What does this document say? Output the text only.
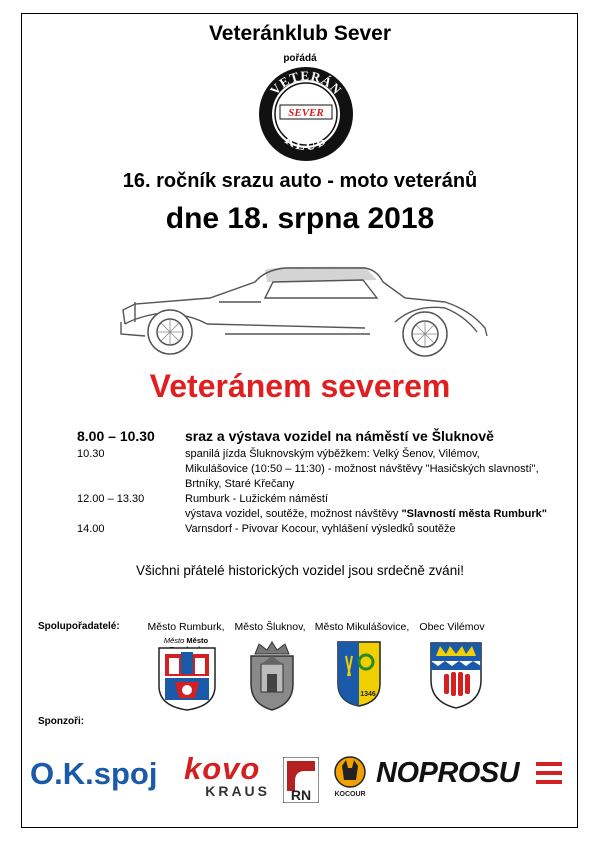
Veteránklub Sever
pořádá
VETERÁN
KLUB
SEVER
16. ročník srazu auto - moto veteránů
dne 18. srpna 2018
Veteránem severem
8.00 – 10.30 sraz a výstava vozidel na náměstí ve Šluknově
10.30	spanilá jízda Šluknovským výběžkem: Velký Šenov, Vilémov,
Mikulášovice (10:50 – 11:30) - možnost návštěvy "Hasičských slavností",
Brtníky, Staré Křečany
12.00 – 13.30	Rumburk - Lužickém náměstí
výstava vozidel, soutěže, možnost návštěvy "Slavností města Rumburk"
14.00	Varnsdorf - Pivovar Kocour, vyhlášení výsledků soutěže
Všichni přátelé historických vozidel jsou srdečně zváni!
Spolupořadatelé:	Město Rumburk, Město Šluknov, Město Mikulášovice, Obec Vilémov
Město Město
1346
Sponzoři:
O.K.spoj kovo
KRAUS RN	KOCOUR
NOPROSU
